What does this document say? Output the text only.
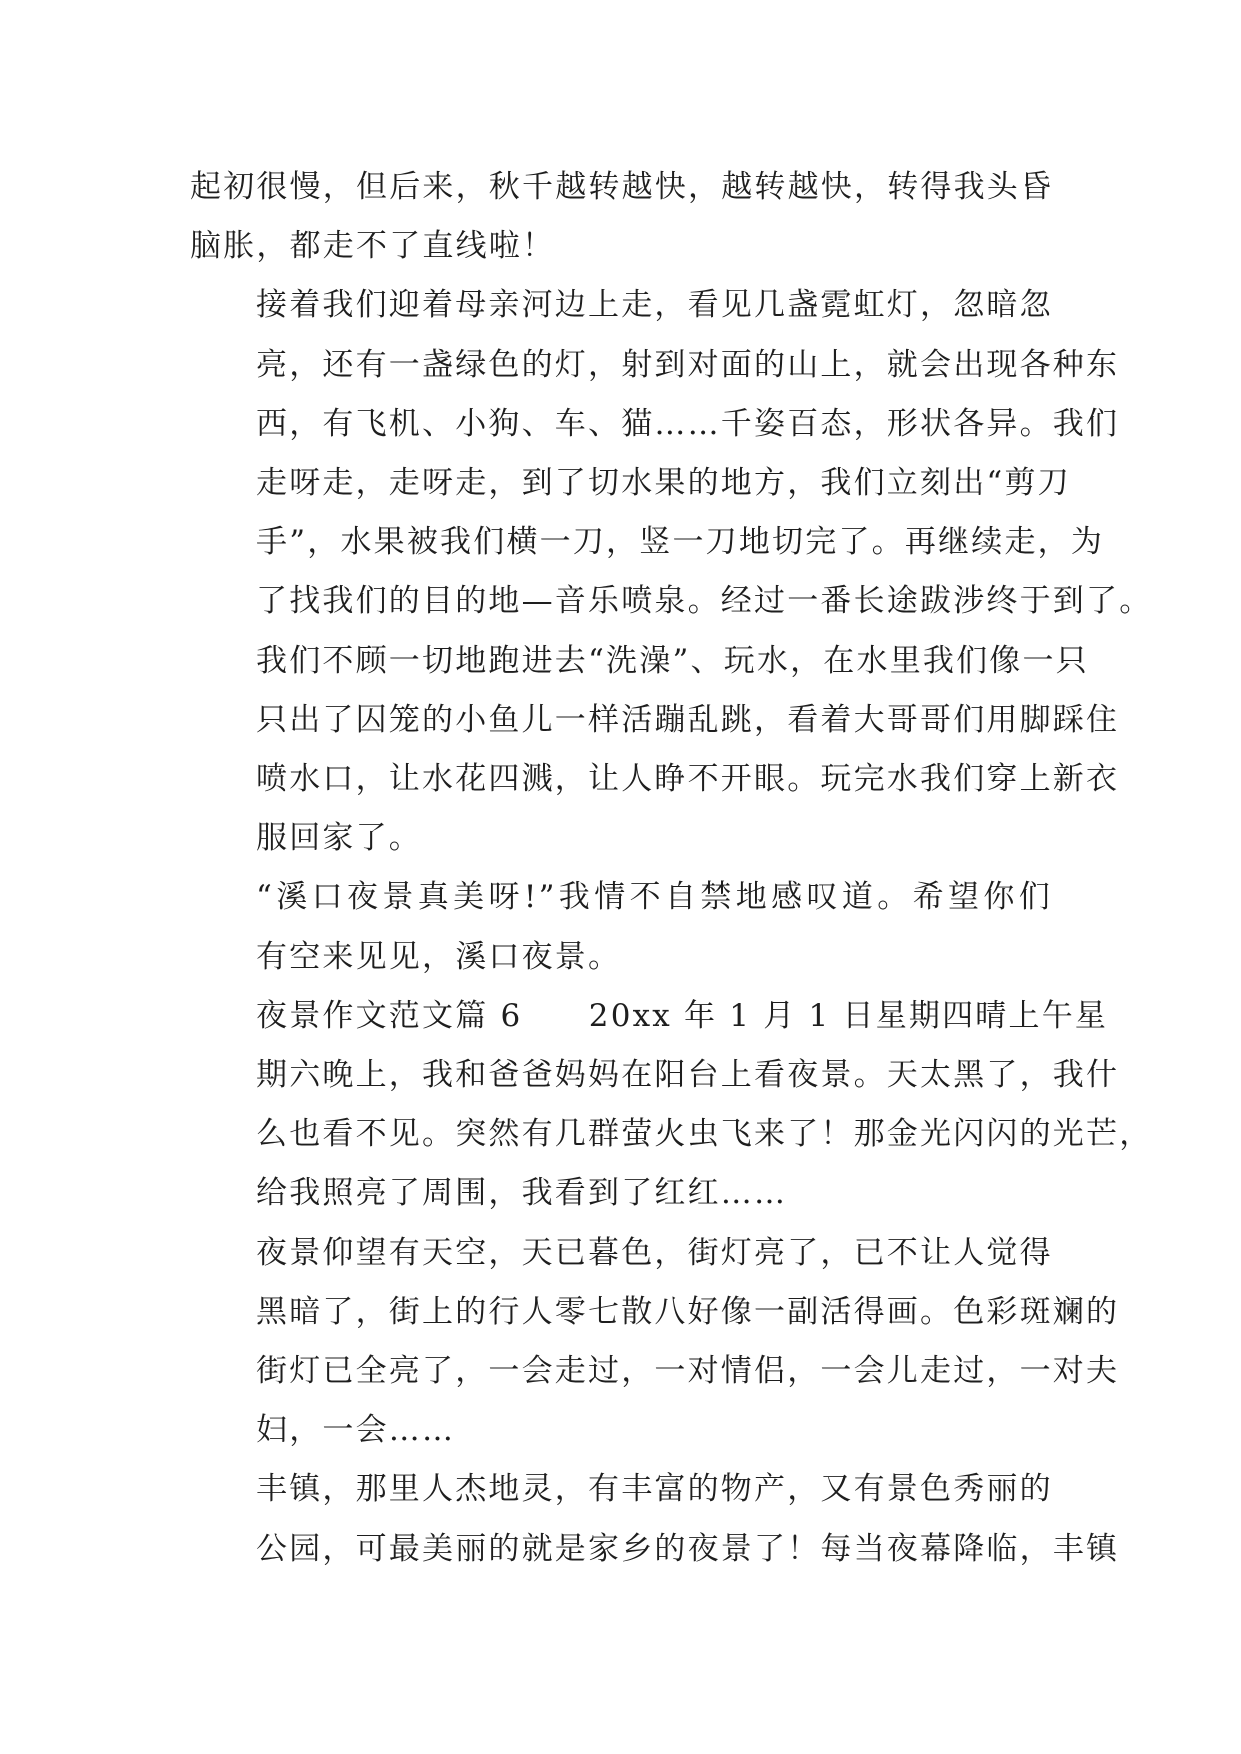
起初很慢，但后来，秋千越转越快，越转越快，转得我头昏
脑胀，都走不了直线啦！
接着我们迎着母亲河边上走，看见几盏霓虹灯，忽暗忽
亮，还有一盏绿色的灯，射到对面的山上，就会出现各种东
西，有飞机、小狗、车、猫……千姿百态，形状各异。我们
走呀走，走呀走，到了切水果的地方，我们立刻出“剪刀
手”，水果被我们横一刀，竖一刀地切完了。再继续走，为
了找我们的目的地—音乐喷泉。经过一番长途跋涉终于到了。
我们不顾一切地跑进去“洗澡”、玩水，在水里我们像一只
只出了囚笼的小鱼儿一样活蹦乱跳，看着大哥哥们用脚踩住
喷水口，让水花四溅，让人睁不开眼。玩完水我们穿上新衣
服回家了。
“溪口夜景真美呀!”我情不自禁地感叹道。希望你们
有空来见见，溪口夜景。
夜景作文范文篇 6　　20xx 年 1 月 1 日星期四晴上午星
期六晚上，我和爸爸妈妈在阳台上看夜景。天太黑了，我什
么也看不见。突然有几群萤火虫飞来了！那金光闪闪的光芒，
给我照亮了周围，我看到了红红……
夜景仰望有天空，天已暮色，街灯亮了，已不让人觉得
黑暗了，街上的行人零七散八好像一副活得画。色彩斑斓的
街灯已全亮了，一会走过，一对情侣，一会儿走过，一对夫
妇，一会……
丰镇，那里人杰地灵，有丰富的物产，又有景色秀丽的
公园，可最美丽的就是家乡的夜景了！每当夜幕降临，丰镇
